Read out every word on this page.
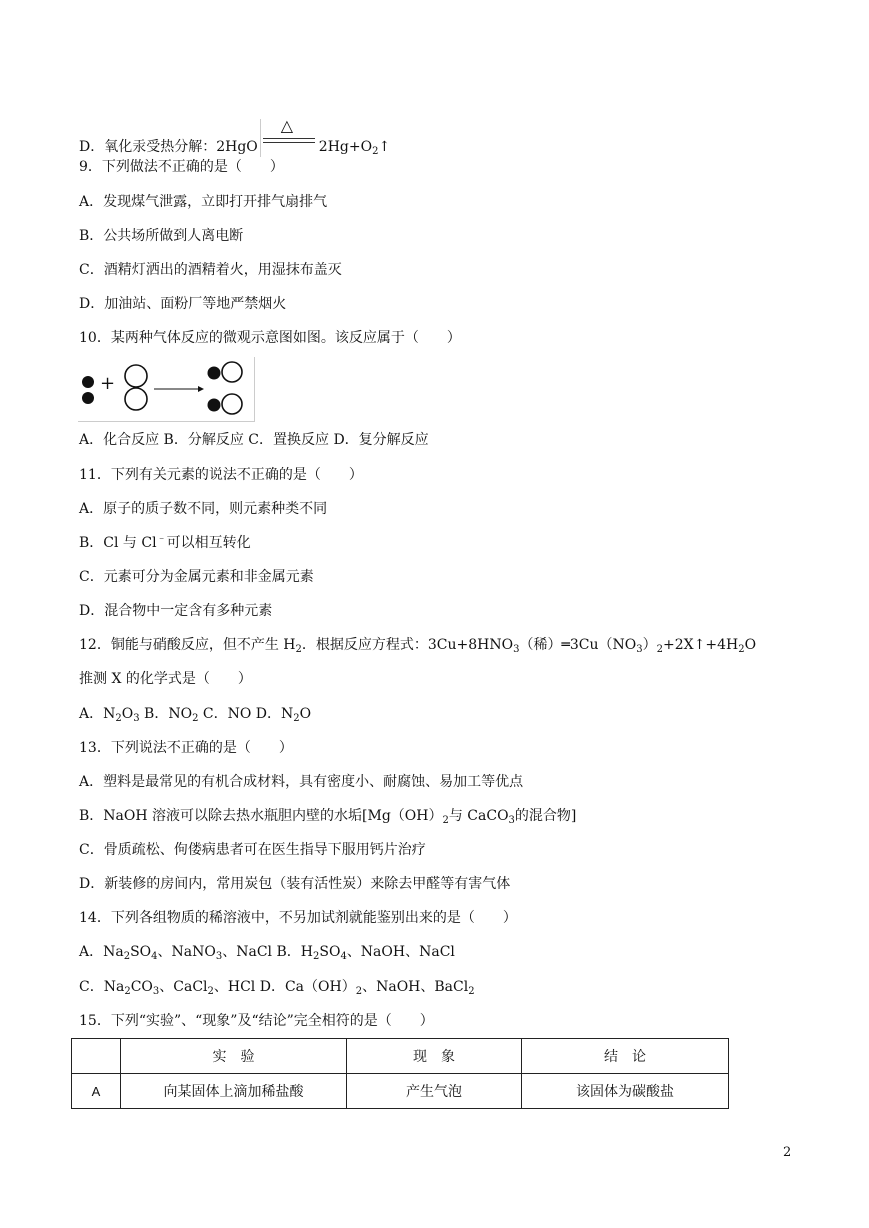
D．氧化汞受热分解：2HgO
△
$2Hg+O_2↑$
9．下列做法不正确的是（　　）
A．发现煤气泄露，立即打开排气扇排气
B．公共场所做到人离电断
C．酒精灯洒出的酒精着火，用湿抹布盖灭
D．加油站、面粉厂等地严禁烟火
10．某两种气体反应的微观示意图如图。该反应属于（　　）
+
A．化合反应 B．分解反应 C．置换反应 D．复分解反应
11．下列有关元素的说法不正确的是（　　）
A．原子的质子数不同，则元素种类不同
B．Cl 与 Cl﹣可以相互转化
C．元素可分为金属元素和非金属元素
D．混合物中一定含有多种元素
12．铜能与硝酸反应，但不产生 $H_2$．根据反应方程式：$3Cu+8HNO_3$（稀）$═3Cu(NO_3)_2+2X↑+4H_2O$
推测 X 的化学式是（　　）
A．$N_2O_3$ B．$NO_2$ C．NO D．$N_2O$
13．下列说法不正确的是（　　）
A．塑料是最常见的有机合成材料，具有密度小、耐腐蚀、易加工等优点
B．NaOH 溶液可以除去热水瓶胆内壁的水垢[$Mg(OH)_2$与 CaCO$_3$的混合物]
C．骨质疏松、佝偻病患者可在医生指导下服用钙片治疗
D．新装修的房间内，常用炭包（装有活性炭）来除去甲醛等有害气体
14．下列各组物质的稀溶液中，不另加试剂就能鉴别出来的是（　　）
A．$Na_2SO_4$、NaNO$_3$、NaCl B．$H_2SO_4$、NaOH、NaCl
C．$Na_2CO_3$、CaCl$_2$、HCl D．$Ca(OH)_2$、NaOH、BaCl$_2$
15．下列“实验”、“现象”及“结论”完全相符的是（　　）
	实　验	现　象	结　论
A	向某固体上滴加稀盐酸	产生气泡	该固体为碳酸盐
2
